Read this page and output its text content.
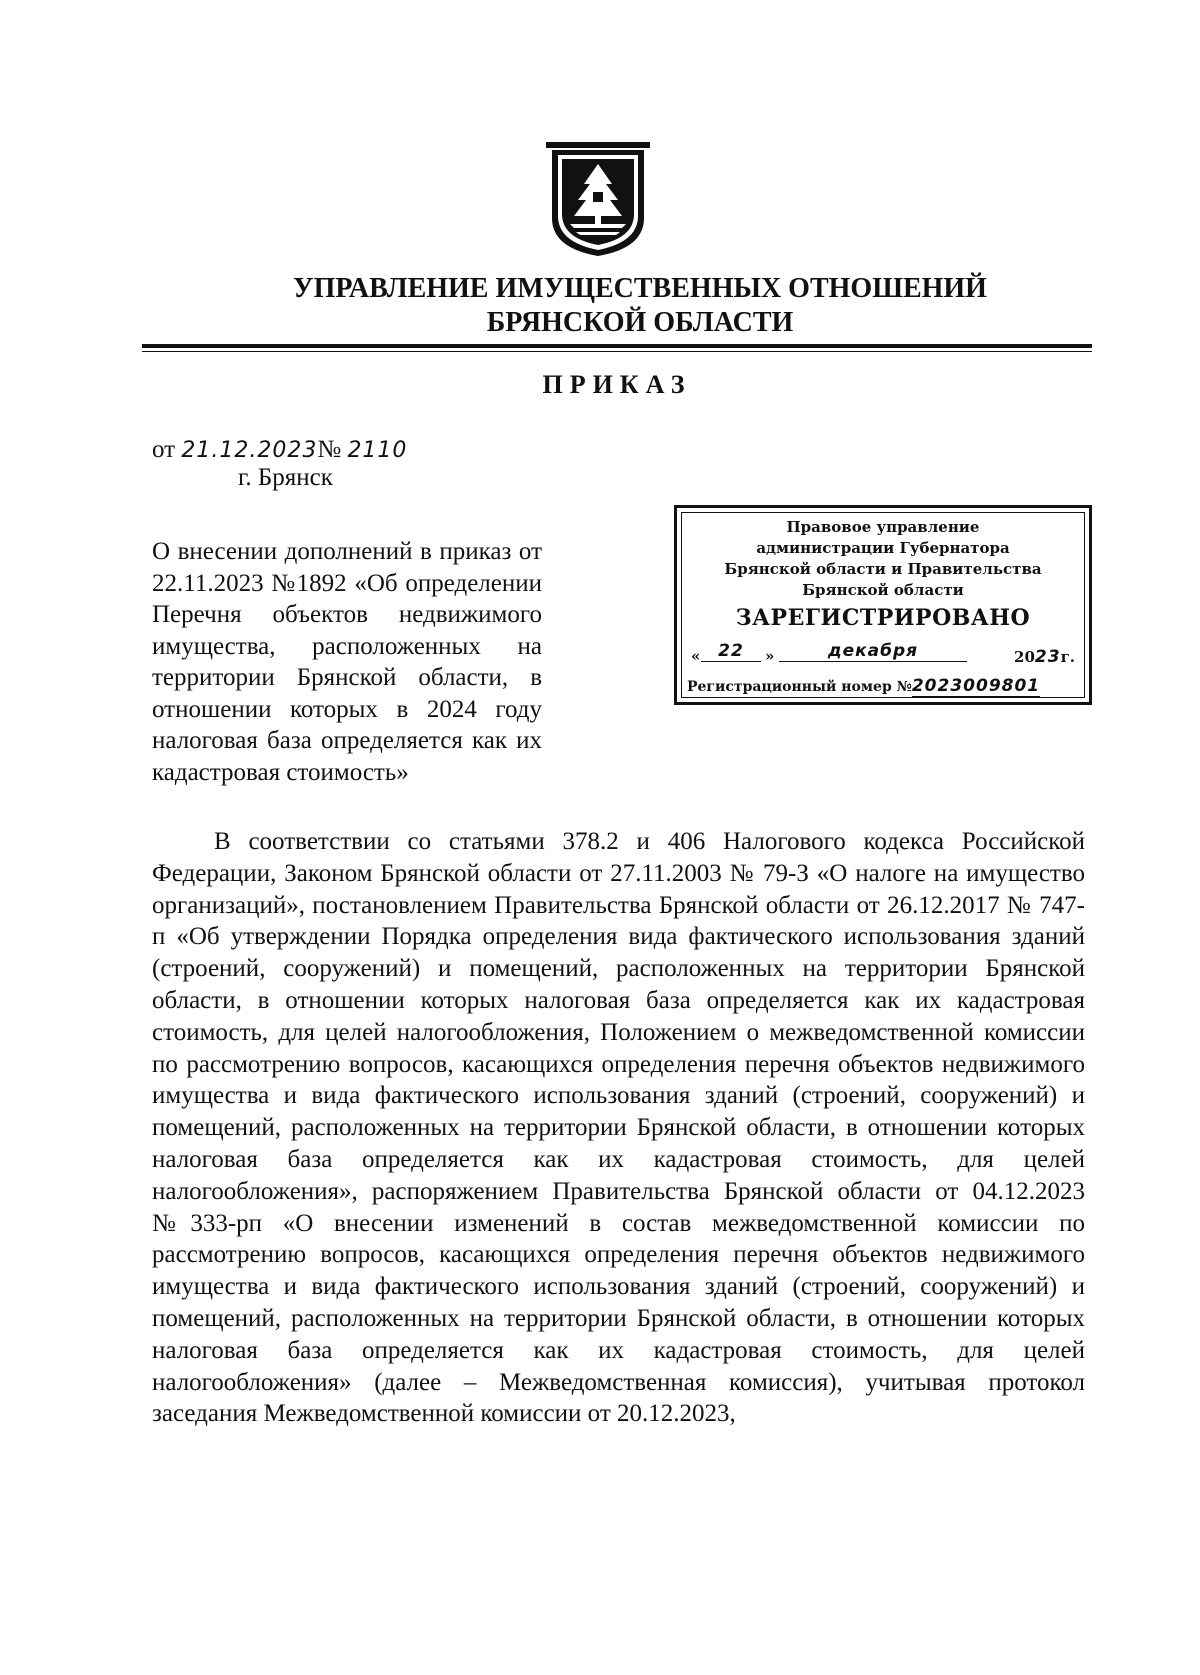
УПРАВЛЕНИЕ ИМУЩЕСТВЕННЫХ ОТНОШЕНИЙ
БРЯНСКОЙ ОБЛАСТИ
ПРИКАЗ
от 21.12.2023№ 2110
г. Брянск
О внесении дополнений в приказ от 22.11.2023 №1892 «Об определении Перечня объектов недвижимого имущества, расположенных на территории Брянской области, в отношении которых в 2024 году налоговая база определяется как их
кадастровая стоимость»
Правовое управление
администрации Губернатора
Брянской области и Правительства
Брянской области
ЗАРЕГИСТРИРОВАНО
«	22	»	декабря	2023г.
Регистрационный номер №2023009801

В соответствии со статьями 378.2 и 406 Налогового кодекса Российской Федерации, Законом Брянской области от 27.11.2003 № 79-З «О налоге на имущество организаций», постановлением Правительства Брянской области от 26.12.2017 № 747-п «Об утверждении Порядка определения вида фактического использования зданий (строений, сооружений) и помещений, расположенных на территории Брянской области, в отношении которых налоговая база определяется как их кадастровая стоимость, для целей налогообложения, Положением о межведомственной комиссии по рассмотрению вопросов, касающихся определения перечня объектов недвижимого имущества и вида фактического использования зданий (строений, сооружений) и помещений, расположенных на территории Брянской области, в отношении которых налоговая база определяется как их кадастровая стоимость, для целей налогообложения», распоряжением Правительства Брянской области от 04.12.2023 №333-рп «О внесении изменений в состав межведомственной комиссии по рассмотрению вопросов, касающихся определения перечня объектов недвижимого имущества и вида фактического использования зданий (строений, сооружений) и помещений, расположенных на территории Брянской области, в отношении которых налоговая база определяется как их кадастровая стоимость, для целей налогообложения» (далее – Межведомственная комиссия), учитывая протокол заседания Межведомственной комиссии от 20.12.2023,
